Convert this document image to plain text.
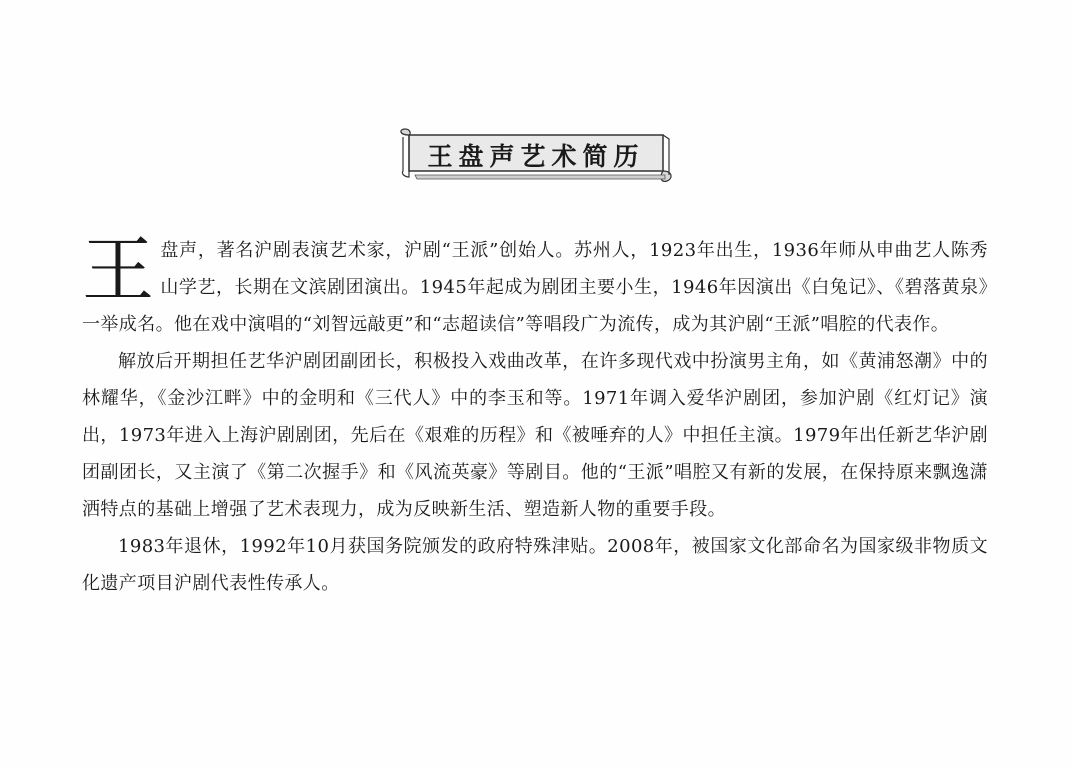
王盘声艺术简历

王盘声，著名沪剧表演艺术家，沪剧“王派”创始人。苏州人，1923年出生，1936年师从申曲艺人陈秀山学艺，长期在文滨剧团演出。1945年起成为剧团主要小生，1946年因演出《白兔记》、《碧落黄泉》一举成名。他在戏中演唱的“刘智远敲更”和“志超读信”等唱段广为流传，成为其沪剧“王派”唱腔的代表作。

解放后开期担任艺华沪剧团副团长，积极投入戏曲改革，在许多现代戏中扮演男主角，如《黄浦怒潮》中的林耀华，《金沙江畔》中的金明和《三代人》中的李玉和等。1971年调入爱华沪剧团，参加沪剧《红灯记》演出，1973年进入上海沪剧剧团，先后在《艰难的历程》和《被唾弃的人》中担任主演。1979年出任新艺华沪剧团副团长，又主演了《第二次握手》和《风流英豪》等剧目。他的“王派”唱腔又有新的发展，在保持原来飘逸潇洒特点的基础上增强了艺术表现力，成为反映新生活、塑造新人物的重要手段。

1983年退休，1992年10月获国务院颁发的政府特殊津贴。2008年，被国家文化部命名为国家级非物质文化遗产项目沪剧代表性传承人。
